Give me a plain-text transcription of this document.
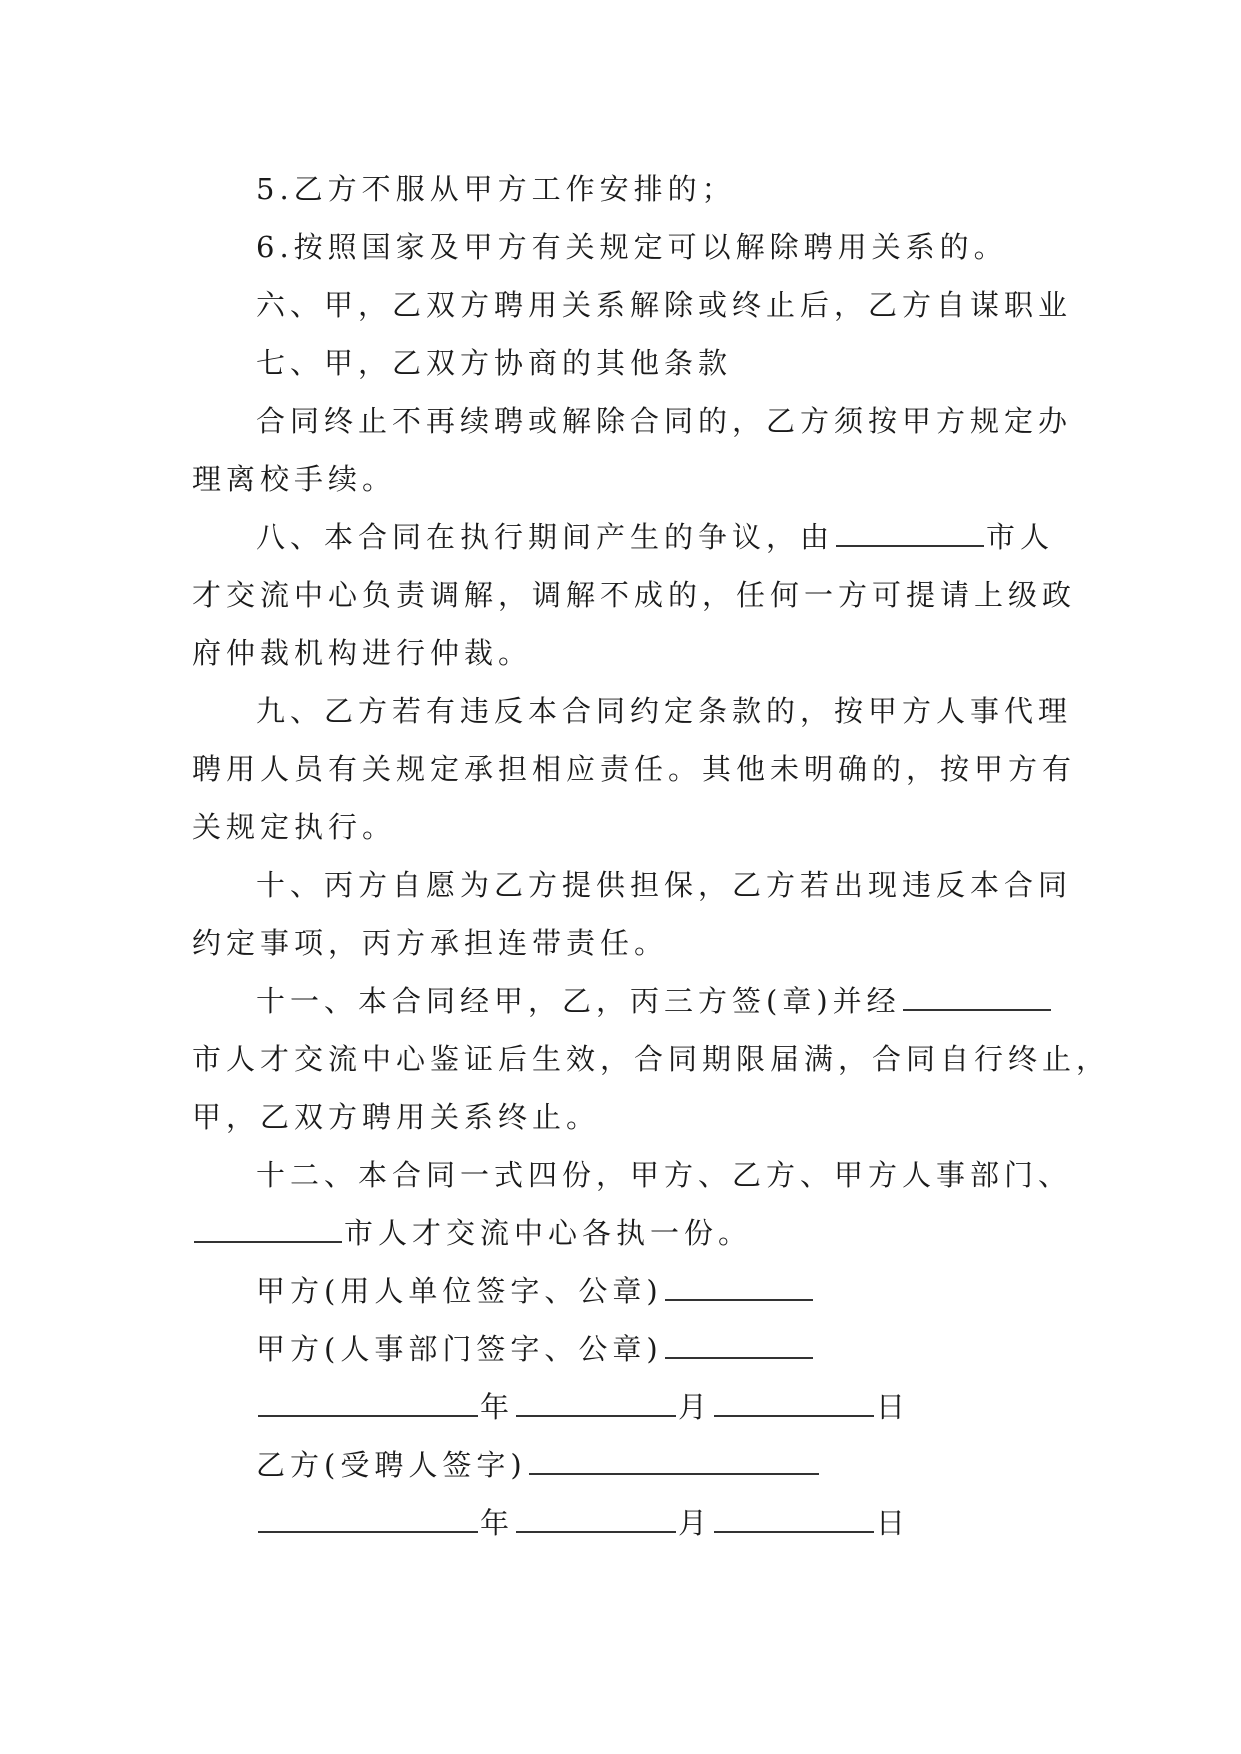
5.乙方不服从甲方工作安排的；
6.按照国家及甲方有关规定可以解除聘用关系的。
六、甲，乙双方聘用关系解除或终止后，乙方自谋职业
七、甲，乙双方协商的其他条款
合同终止不再续聘或解除合同的，乙方须按甲方规定办
理离校手续。
八、本合同在执行期间产生的争议，由	市人
才交流中心负责调解，调解不成的，任何一方可提请上级政
府仲裁机构进行仲裁。
九、乙方若有违反本合同约定条款的，按甲方人事代理
聘用人员有关规定承担相应责任。其他未明确的，按甲方有
关规定执行。
十、丙方自愿为乙方提供担保，乙方若出现违反本合同
约定事项，丙方承担连带责任。
十一、本合同经甲，乙，丙三方签(章)并经
市人才交流中心鉴证后生效，合同期限届满，合同自行终止，
甲，乙双方聘用关系终止。
十二、本合同一式四份，甲方、乙方、甲方人事部门、
市人才交流中心各执一份。
甲方(用人单位签字、公章)
甲方(人事部门签字、公章)
年	月	日
乙方(受聘人签字)
年	月	日
